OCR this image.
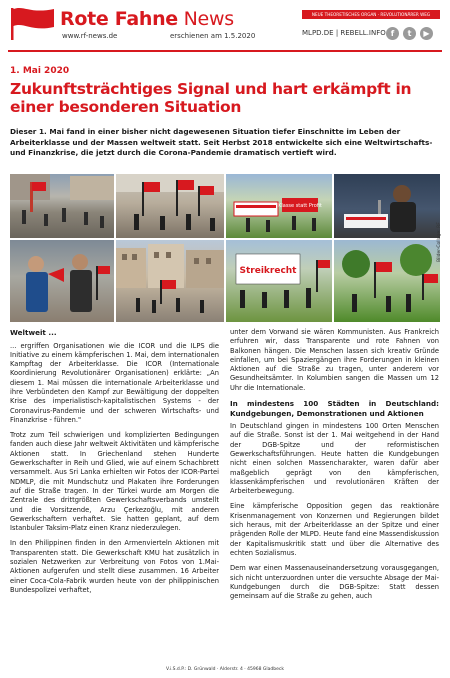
Rote Fahne News
www.rf-news.de	erschienen am 1.5.2020
NEUE THEORETISCHES ORGAN · REVOLUTIONÄRER WEG
MLPD.DE | REBELL.INFO f	t	▶
1. Mai 2020
Zukunftsträchtiges Signal und hart erkämpft in einer besonderen Situation

Dieser 1. Mai fand in einer bisher nicht dagewesenen Situation tiefer Einschnitte im Leben der Arbeiterklasse und der Massen weltweit statt. Seit Herbst 2018 entwickelte sich eine Weltwirtschafts- und Finanzkrise, die jetzt durch die Corona-Pandemie dramatisch vertieft wird.

Klasse statt Profit
Streikrecht
Bilder-Collage: RF
Weltweit ...

... ergriffen Organisationen wie die ICOR und die ILPS die Initiative zu einem kämpferischen 1. Mai, dem internationalen Kampftag der Arbeiterklasse. Die ICOR (Internationale Koordinierung Revolutionärer Organisationen) erklärte: „An diesem 1. Mai müssen die internationale Arbeiterklasse und ihre Verbündeten den Kampf zur Bewältigung der doppelten Krise des imperialistisch-kapitalistischen Systems - der Coronavirus-Pandemie und der schweren Wirtschafts- und Finanzkrise - führen."

Trotz zum Teil schwierigen und komplizierten Bedingungen fanden auch diese Jahr weltweit Aktivitäten und kämpferische Aktionen statt. In Griechenland stehen Hunderte Gewerkschafter in Reih und Glied, wie auf einem Schachbrett versammelt. Aus Sri Lanka erhielten wir Fotos der ICOR-Partei NDMLP, die mit Mundschutz und Plakaten ihre Forderungen auf die Straße tragen. In der Türkei wurde am Morgen die Zentrale des drittgrößten Gewerkschaftsverbands umstellt und die Vorsitzende, Arzu Çerkezoğlu, mit anderen Gewerkschaftern verhaftet. Sie hatten geplant, auf dem Istanbuler Taksim-Platz einen Kranz niederzulegen.

In den Philippinen finden in den Armenvierteln Aktionen mit Transparenten statt. Die Gewerkschaft KMU hat zusätzlich in sozialen Netzwerken zur Verbreitung von Fotos von 1.Mai-Aktionen aufgerufen und stellt diese zusammen. 16 Arbeiter einer Coca-Cola-Fabrik wurden heute von der philippinischen Bundespolizei verhaftet,

unter dem Vorwand sie wären Kommunisten. Aus Frankreich erfuhren wir, dass Transparente und rote Fahnen von Balkonen hängen. Die Menschen lassen sich kreativ Gründe einfallen, um bei Spaziergängen ihre Forderungen in kleinen Aktionen auf die Straße zu tragen, unter anderem vor Gesundheitsämter. In Kolumbien sangen die Massen um 12 Uhr die Internationale.

In mindestens 100 Städten in Deutschland: Kundgebungen, Demonstrationen und Aktionen

In Deutschland gingen in mindestens 100 Orten Menschen auf die Straße. Sonst ist der 1. Mai weitgehend in der Hand der DGB-Spitze und der reformistischen Gewerkschaftsführungen. Heute hatten die Kundgebungen nicht einen solchen Massencharakter, waren dafür aber maßgeblich geprägt von den kämpferischen, klassenkämpferischen und revolutionären Kräften der Arbeiterbewegung.

Eine kämpferische Opposition gegen das reaktionäre Krisenmanagement von Konzernen und Regierungen bildet sich heraus, mit der Arbeiterklasse an der Spitze und einer prägenden Rolle der MLPD. Heute fand eine Massendiskussion der Kapitalismuskritik statt und über die Alternative des echten Sozialismus.

Dem war einen Massenauseinandersetzung vorausgegangen, sich nicht unterzuordnen unter die versuchte Absage der Mai-Kundgebungen durch die DGB-Spitze: Statt dessen gemeinsam auf die Straße zu gehen, auch

V.i.S.d.P.: D. Grünwald · Alderstr. 4 · 45968 Gladbeck
